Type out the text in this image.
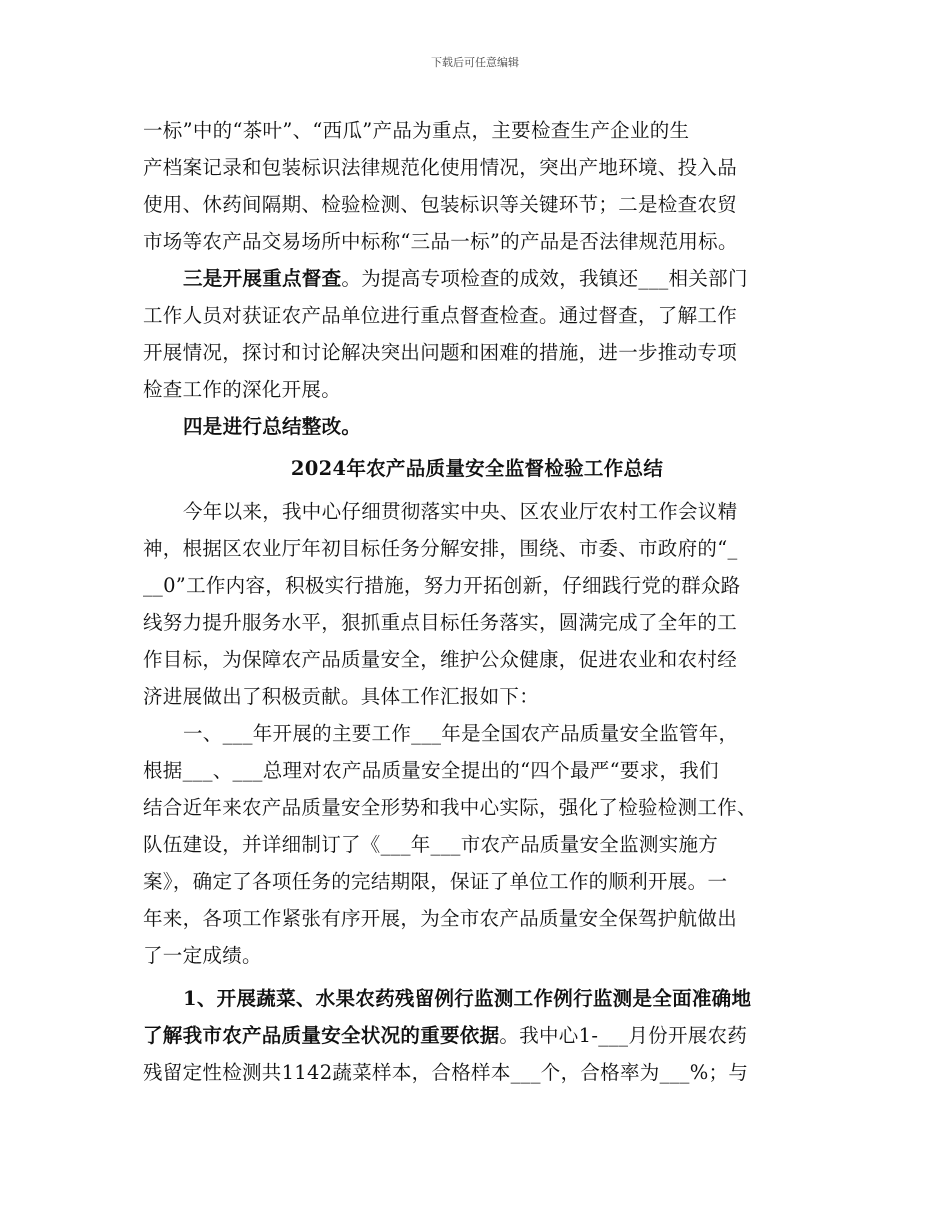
下载后可任意编辑
一标”中的“茶叶”、“西瓜”产品为重点，主要检查生产企业的生
产档案记录和包装标识法律规范化使用情况，突出产地环境、投入品
使用、休药间隔期、检验检测、包装标识等关键环节；二是检查农贸
市场等农产品交易场所中标称“三品一标”的产品是否法律规范用标。
三是开展重点督查。为提高专项检查的成效，我镇还___相关部门
工作人员对获证农产品单位进行重点督查检查。通过督查，了解工作
开展情况，探讨和讨论解决突出问题和困难的措施，进一步推动专项
检查工作的深化开展。
四是进行总结整改。
2024年农产品质量安全监督检验工作总结
今年以来，我中心仔细贯彻落实中央、区农业厅农村工作会议精
神，根据区农业厅年初目标任务分解安排，围绕、市委、市政府的“_
__0”工作内容，积极实行措施，努力开拓创新，仔细践行党的群众路
线努力提升服务水平，狠抓重点目标任务落实，圆满完成了全年的工
作目标，为保障农产品质量安全，维护公众健康，促进农业和农村经
济进展做出了积极贡献。具体工作汇报如下：
一、___年开展的主要工作___年是全国农产品质量安全监管年，
根据___、___总理对农产品质量安全提出的“四个最严“要求，我们
结合近年来农产品质量安全形势和我中心实际，强化了检验检测工作、
队伍建设，并详细制订了《___年___市农产品质量安全监测实施方
案》，确定了各项任务的完结期限，保证了单位工作的顺利开展。一
年来，各项工作紧张有序开展，为全市农产品质量安全保驾护航做出
了一定成绩。
1、开展蔬菜、水果农药残留例行监测工作例行监测是全面准确地
了解我市农产品质量安全状况的重要依据。我中心1-___月份开展农药
残留定性检测共1142蔬菜样本，合格样本___个，合格率为___%；与
